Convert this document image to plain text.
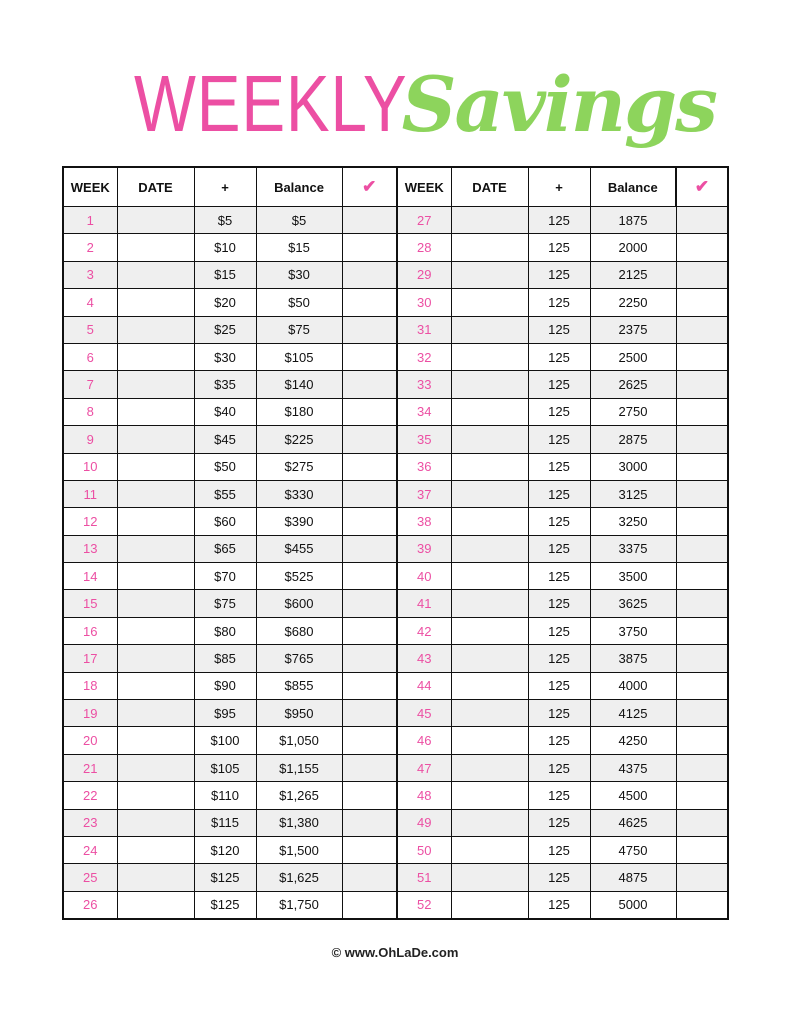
WEEKLYSavings
WEEK	DATE	+	Balance	✔	WEEK	DATE	+	Balance	✔
1		$5	$5		27		125	1875	
2		$10	$15		28		125	2000	
3		$15	$30		29		125	2125	
4		$20	$50		30		125	2250	
5		$25	$75		31		125	2375	
6		$30	$105		32		125	2500	
7		$35	$140		33		125	2625	
8		$40	$180		34		125	2750	
9		$45	$225		35		125	2875	
10		$50	$275		36		125	3000	
11		$55	$330		37		125	3125	
12		$60	$390		38		125	3250	
13		$65	$455		39		125	3375	
14		$70	$525		40		125	3500	
15		$75	$600		41		125	3625	
16		$80	$680		42		125	3750	
17		$85	$765		43		125	3875	
18		$90	$855		44		125	4000	
19		$95	$950		45		125	4125	
20		$100	$1,050		46		125	4250	
21		$105	$1,155		47		125	4375	
22		$110	$1,265		48		125	4500	
23		$115	$1,380		49		125	4625	
24		$120	$1,500		50		125	4750	
25		$125	$1,625		51		125	4875	
26		$125	$1,750		52		125	5000	
© www.OhLaDe.com
